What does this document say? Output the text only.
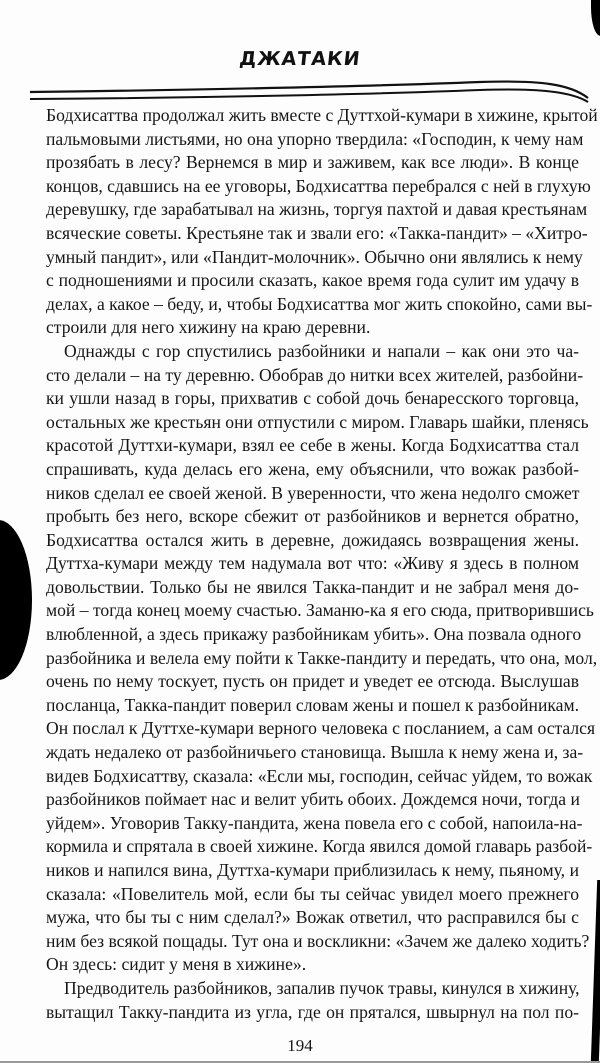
ДЖАТАКИ
Бодхисаттва продолжал жить вместе с Дуттхой-кумари в хижине, крытой
пальмовыми листьями, но она упорно твердила: «Господин, к чему нам
прозябать в лесу? Вернемся в мир и заживем, как все люди». В конце
концов, сдавшись на ее уговоры, Бодхисаттва перебрался с ней в глухую
деревушку, где зарабатывал на жизнь, торгуя пахтой и давая крестьянам
всяческие советы. Крестьяне так и звали его: «Такка-пандит» – «Хитро-
умный пандит», или «Пандит-молочник». Обычно они являлись к нему
с подношениями и просили сказать, какое время года сулит им удачу в
делах, а какое – беду, и, чтобы Бодхисаттва мог жить спокойно, сами вы-
строили для него хижину на краю деревни.
Однажды с гор спустились разбойники и напали – как они это ча-
сто делали – на ту деревню. Обобрав до нитки всех жителей, разбойни-
ки ушли назад в горы, прихватив с собой дочь бенаресского торговца,
остальных же крестьян они отпустили с миром. Главарь шайки, пленясь
красотой Дуттхи-кумари, взял ее себе в жены. Когда Бодхисаттва стал
спрашивать, куда делась его жена, ему объяснили, что вожак разбой-
ников сделал ее своей женой. В уверенности, что жена недолго сможет
пробыть без него, вскоре сбежит от разбойников и вернется обратно,
Бодхисаттва остался жить в деревне, дожидаясь возвращения жены.
Дуттха-кумари между тем надумала вот что: «Живу я здесь в полном
довольствии. Только бы не явился Такка-пандит и не забрал меня до-
мой – тогда конец моему счастью. Заманю-ка я его сюда, притворившись
влюбленной, а здесь прикажу разбойникам убить». Она позвала одного
разбойника и велела ему пойти к Такке-пандиту и передать, что она, мол,
очень по нему тоскует, пусть он придет и уведет ее отсюда. Выслушав
посланца, Такка-пандит поверил словам жены и пошел к разбойникам.
Он послал к Дуттхе-кумари верного человека с посланием, а сам остался
ждать недалеко от разбойничьего становища. Вышла к нему жена и, за-
видев Бодхисаттву, сказала: «Если мы, господин, сейчас уйдем, то вожак
разбойников поймает нас и велит убить обоих. Дождемся ночи, тогда и
уйдем». Уговорив Такку-пандита, жена повела его с собой, напоила-на-
кормила и спрятала в своей хижине. Когда явился домой главарь разбой-
ников и напился вина, Дуттха-кумари приблизилась к нему, пьяному, и
сказала: «Повелитель мой, если бы ты сейчас увидел моего прежнего
мужа, что бы ты с ним сделал?» Вожак ответил, что расправился бы с
ним без всякой пощады. Тут она и воскликни: «Зачем же далеко ходить?
Он здесь: сидит у меня в хижине».
Предводитель разбойников, запалив пучок травы, кинулся в хижину,
вытащил Такку-пандита из угла, где он прятался, швырнул на пол по-
194
